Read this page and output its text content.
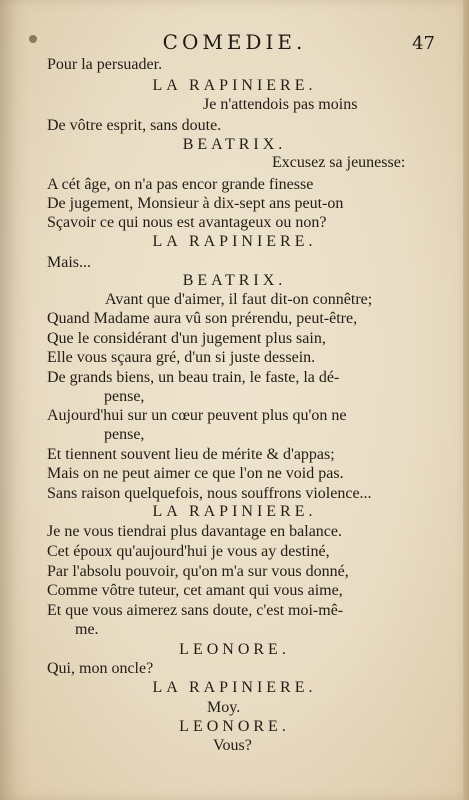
COMEDIE.	47
Pour la persuader.
LA RAPINIERE.
Je n'attendois pas moins
De vôtre esprit, sans doute.
BEATRIX.
Excusez sa jeunesse:
A cét âge, on n'a pas encor grande finesse
De jugement, Monsieur à dix-sept ans peut-on
Sçavoir ce qui nous est avantageux ou non?
LA RAPINIERE.
Mais...
BEATRIX.
Avant que d'aimer, il faut dit-on connêtre;
Quand Madame aura vû son prérendu, peut-être,
Que le considérant d'un jugement plus sain,
Elle vous sçaura gré, d'un si juste dessein.
De grands biens, un beau train, le faste, la dé-
pense,
Aujourd'hui sur un cœur peuvent plus qu'on ne
pense,
Et tiennent souvent lieu de mérite & d'appas;
Mais on ne peut aimer ce que l'on ne void pas.
Sans raison quelquefois, nous souffrons violence...
LA RAPINIERE.
Je ne vous tiendrai plus davantage en balance.
Cet époux qu'aujourd'hui je vous ay destiné,
Par l'absolu pouvoir, qu'on m'a sur vous donné,
Comme vôtre tuteur, cet amant qui vous aime,
Et que vous aimerez sans doute, c'est moi-mê-
me.
LEONORE.
Qui, mon oncle?
LA RAPINIERE.
Moy.
LEONORE.
Vous?
